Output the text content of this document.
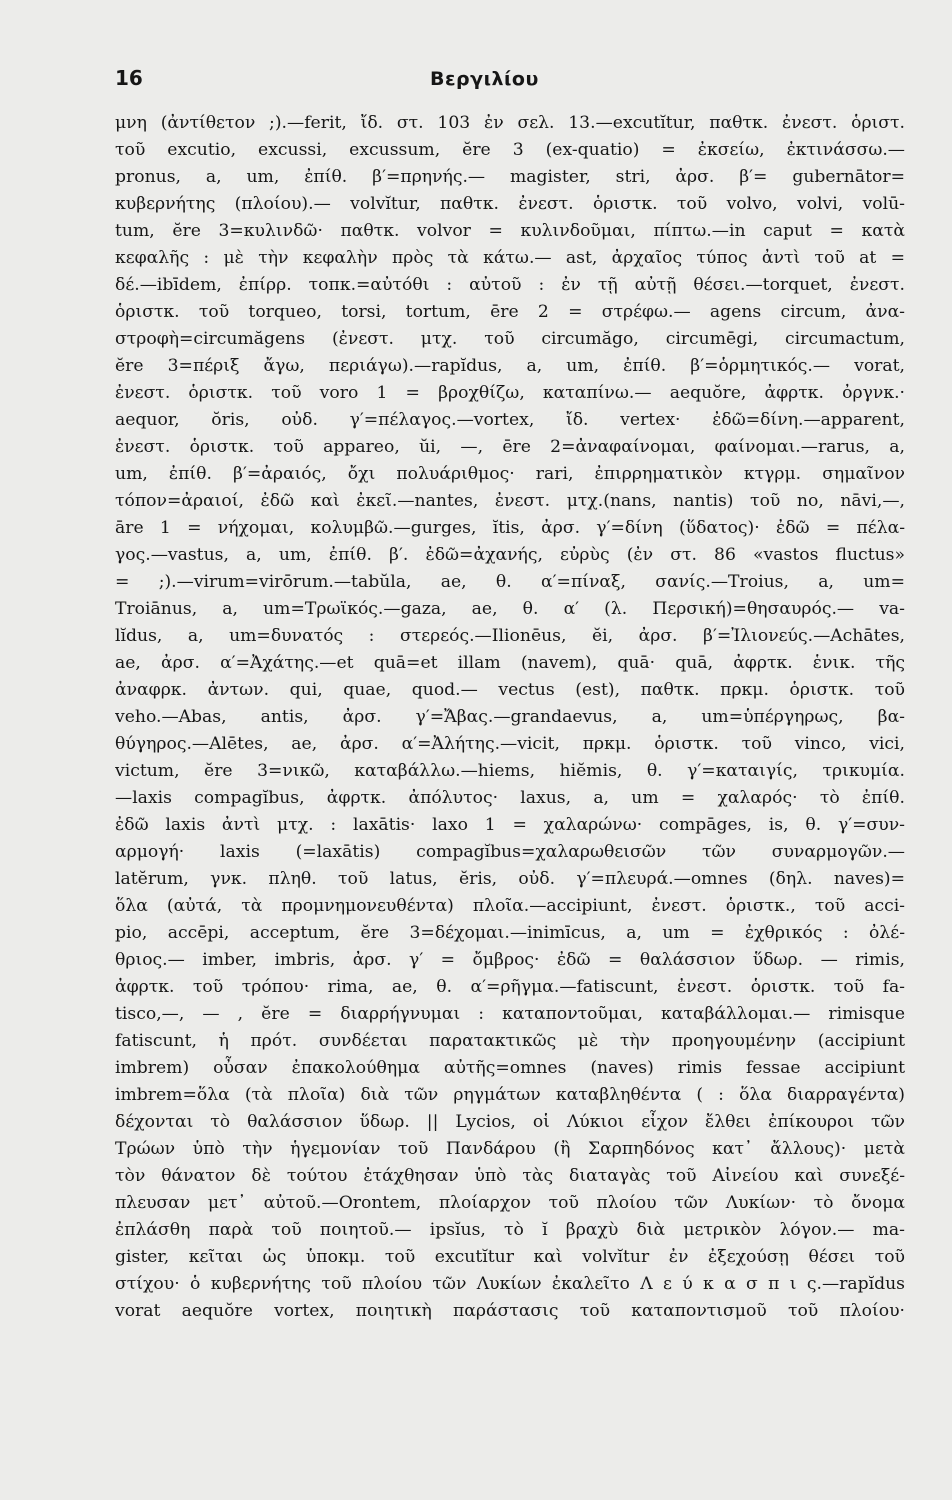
16	Βεργιλίου
μνη (ἀντίθετον ;).—ferit, ἴδ. στ. 103 ἐν σελ. 13.—excutĭtur, παθτκ. ἐνεστ. ὁριστ.
τοῦ excutio, excussi, excussum, ĕre 3 (ex-quatio) = ἐκσείω, ἐκτινάσσω.—
pronus, a, um, ἐπίθ. β′=πρηνής.— magister, stri, ἀρσ. β′= gubernātor=
κυβερνήτης (πλοίου).— volvĭtur, παθτκ. ἐνεστ. ὁριστκ. τοῦ volvo, volvi, volū-
tum, ĕre 3=κυλινδῶ· παθτκ. volvor = κυλινδοῦμαι, πίπτω.—in caput = κατὰ
κεφαλῆς : μὲ τὴν κεφαλὴν πρὸς τὰ κάτω.— ast, ἀρχαῖος τύπος ἀντὶ τοῦ at =
δέ.—ibīdem, ἐπίρρ. τοπκ.=αὐτόθι : αὐτοῦ : ἐν τῇ αὐτῇ θέσει.—torquet, ἐνεστ.
ὁριστκ. τοῦ torqueo, torsi, tortum, ēre 2 = στρέφω.— agens circum, ἀνα-
στροφὴ=circumăgens (ἐνεστ. μτχ. τοῦ circumăgo, circumēgi, circumactum,
ĕre 3=πέριξ ἄγω, περιάγω).—rapĭdus, a, um, ἐπίθ. β′=ὁρμητικός.— vorat,
ἐνεστ. ὁριστκ. τοῦ voro 1 = βροχθίζω, καταπίνω.— aequŏre, ἀφρτκ. ὀργνκ.·
aequor, ŏris, οὐδ. γ′=πέλαγος.—vortex, ἴδ. vertex· ἐδῶ=δίνη.—apparent,
ἐνεστ. ὁριστκ. τοῦ appareo, ŭi, —, ēre 2=ἀναφαίνομαι, φαίνομαι.—rarus, a,
um, ἐπίθ. β′=ἀραιός, ὄχι πολυάριθμος· rari, ἐπιρρηματικὸν κτγρμ. σημαῖνον
τόπον=ἀραιοί, ἐδῶ καὶ ἐκεῖ.—nantes, ἐνεστ. μτχ.(nans, nantis) τοῦ no, nāvi,—,
āre 1 = νήχομαι, κολυμβῶ.—gurges, ĭtis, ἀρσ. γ′=δίνη (ὕδατος)· ἐδῶ = πέλα-
γος.—vastus, a, um, ἐπίθ. β′. ἐδῶ=ἀχανής, εὐρὺς (ἐν στ. 86 «vastos fluctus»
= ;).—virum=virōrum.—tabŭla, ae, θ. α′=πίναξ, σανίς.—Troius, a, um=
Troiānus, a, um=Τρωϊκός.—gaza, ae, θ. α′ (λ. Περσική)=θησαυρός.— va-
lĭdus, a, um=δυνατός : στερεός.—Ilionēus, ĕi, ἀρσ. β′=Ἰλιονεύς.—Achātes,
ae, ἀρσ. α′=Ἀχάτης.—et quā=et illam (navem), quā· quā, ἀφρτκ. ἑνικ. τῆς
ἀναφρκ. ἀντων. qui, quae, quod.— vectus (est), παθτκ. πρκμ. ὁριστκ. τοῦ
veho.—Abas, antis, ἀρσ. γ′=Ἄβας.—grandaevus, a, um=ὑπέργηρως, βα-
θύγηρος.—Alētes, ae, ἀρσ. α′=Ἀλήτης.—vicit, πρκμ. ὁριστκ. τοῦ vinco, vici,
victum, ĕre 3=νικῶ, καταβάλλω.—hiems, hiĕmis, θ. γ′=καταιγίς, τρικυμία.
—laxis compagĭbus, ἀφρτκ. ἀπόλυτος· laxus, a, um = χαλαρός· τὸ ἐπίθ.
ἐδῶ laxis ἀντὶ μτχ. : laxātis· laxo 1 = χαλαρώνω· compāges, is, θ. γ′=συν-
αρμογή· laxis (=laxātis) compagĭbus=χαλαρωθεισῶν τῶν συναρμογῶν.—
latĕrum, γνκ. πληθ. τοῦ latus, ĕris, οὐδ. γ′=πλευρά.—omnes (δηλ. naves)=
ὅλα (αὐτά, τὰ προμνημονευθέντα) πλοῖα.—accipiunt, ἐνεστ. ὁριστκ., τοῦ acci-
pio, accēpi, acceptum, ĕre 3=δέχομαι.—inimīcus, a, um = ἐχθρικός : ὀλέ-
θριος.— imber, imbris, ἀρσ. γ′ = ὄμβρος· ἐδῶ = θαλάσσιον ὕδωρ. — rimis,
ἀφρτκ. τοῦ τρόπου· rima, ae, θ. α′=ρῆγμα.—fatiscunt, ἐνεστ. ὁριστκ. τοῦ fa-
tisco,—, — , ĕre = διαρρήγνυμαι : καταποντοῦμαι, καταβάλλομαι.— rimisque
fatiscunt, ἡ πρότ. συνδέεται παρατακτικῶς μὲ τὴν προηγουμένην (accipiunt
imbrem) οὖσαν ἐπακολούθημα αὐτῆς=omnes (naves) rimis fessae accipiunt
imbrem=ὅλα (τὰ πλοῖα) διὰ τῶν ρηγμάτων καταβληθέντα ( : ὅλα διαρραγέντα)
δέχονται τὸ θαλάσσιον ὕδωρ. || Lycios, οἱ Λύκιοι εἶχον ἔλθει ἐπίκουροι τῶν
Τρώων ὑπὸ τὴν ἡγεμονίαν τοῦ Πανδάρου (ἢ Σαρπηδόνος κατ᾽ ἄλλους)· μετὰ
τὸν θάνατον δὲ τούτου ἐτάχθησαν ὑπὸ τὰς διαταγὰς τοῦ Αἰνείου καὶ συνεξέ-
πλευσαν μετ᾽ αὐτοῦ.—Orontem, πλοίαρχον τοῦ πλοίου τῶν Λυκίων· τὸ ὄνομα
ἐπλάσθη παρὰ τοῦ ποιητοῦ.— ipsĭus, τὸ ĭ βραχὺ διὰ μετρικὸν λόγον.— ma-
gister, κεῖται ὡς ὑποκμ. τοῦ excutĭtur καὶ volvĭtur ἐν ἐξεχούσῃ θέσει τοῦ
στίχου· ὁ κυβερνήτης τοῦ πλοίου τῶν Λυκίων ἐκαλεῖτο Λ ε ύ κ α σ π ι ς.—rapĭdus
vorat aequŏre vortex, ποιητικὴ παράστασις τοῦ καταποντισμοῦ τοῦ πλοίου·
